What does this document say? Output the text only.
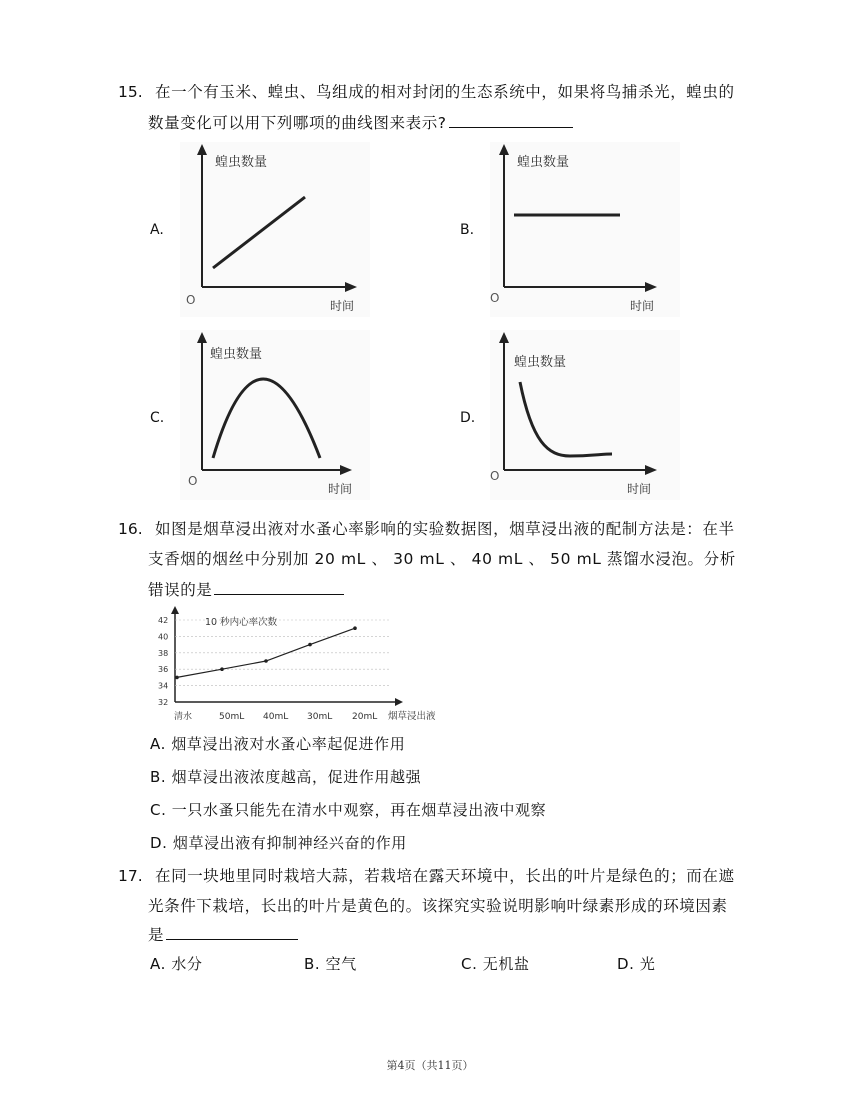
15. 在一个有玉米、蝗虫、鸟组成的相对封闭的生态系统中，如果将鸟捕杀光，蝗虫的
数量变化可以用下列哪项的曲线图来表示?
A.	B.
C.	D.
蝗虫数量
时间
O
蝗虫数量
时间
O
蝗虫数量
时间
O
蝗虫数量
时间
O
16. 如图是烟草浸出液对水蚤心率影响的实验数据图，烟草浸出液的配制方法是：在半
支香烟的烟丝中分别加 20 mL 、 30 mL 、 40 mL 、 50 mL 蒸馏水浸泡。分析
错误的是
10 秒内心率次数
烟草浸出液
32
34
36
38
40
42
清水	50mL 40mL 30mL 20mL
A. 烟草浸出液对水蚤心率起促进作用
B. 烟草浸出液浓度越高，促进作用越强
C. 一只水蚤只能先在清水中观察，再在烟草浸出液中观察
D. 烟草浸出液有抑制神经兴奋的作用
17. 在同一块地里同时栽培大蒜，若栽培在露天环境中，长出的叶片是绿色的；而在遮
光条件下栽培，长出的叶片是黄色的。该探究实验说明影响叶绿素形成的环境因素
是
A. 水分	B. 空气	C. 无机盐	D. 光
第4页（共11页）
